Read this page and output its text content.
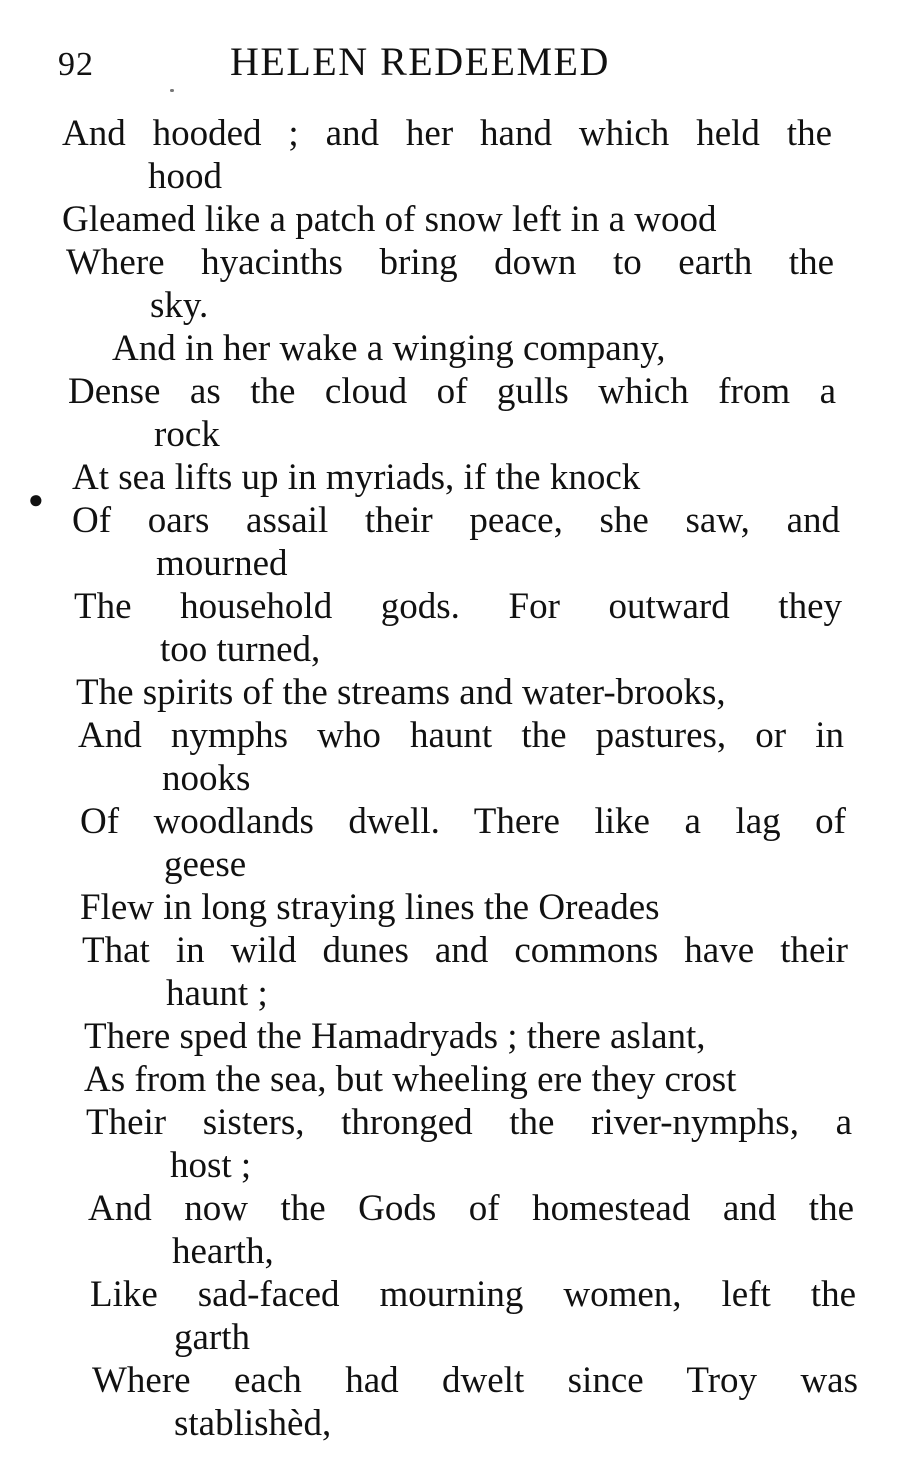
92	HELEN REDEEMED
●
And hooded ; and her hand which held the
hood
Gleamed like a patch of snow left in a wood
Where hyacinths bring down to earth the
sky.
And in her wake a winging company,
Dense as the cloud of gulls which from a
rock
At sea lifts up in myriads, if the knock
Of oars assail their peace, she saw, and
mourned
The household gods. For outward they
too turned,
The spirits of the streams and water-brooks,
And nymphs who haunt the pastures, or in
nooks
Of woodlands dwell. There like a lag of
geese
Flew in long straying lines the Oreades
That in wild dunes and commons have their
haunt ;
There sped the Hamadryads ; there aslant,
As from the sea, but wheeling ere they crost
Their sisters, thronged the river-nymphs, a
host ;
And now the Gods of homestead and the
hearth,
Like sad-faced mourning women, left the
garth
Where each had dwelt since Troy was
stablishèd,
